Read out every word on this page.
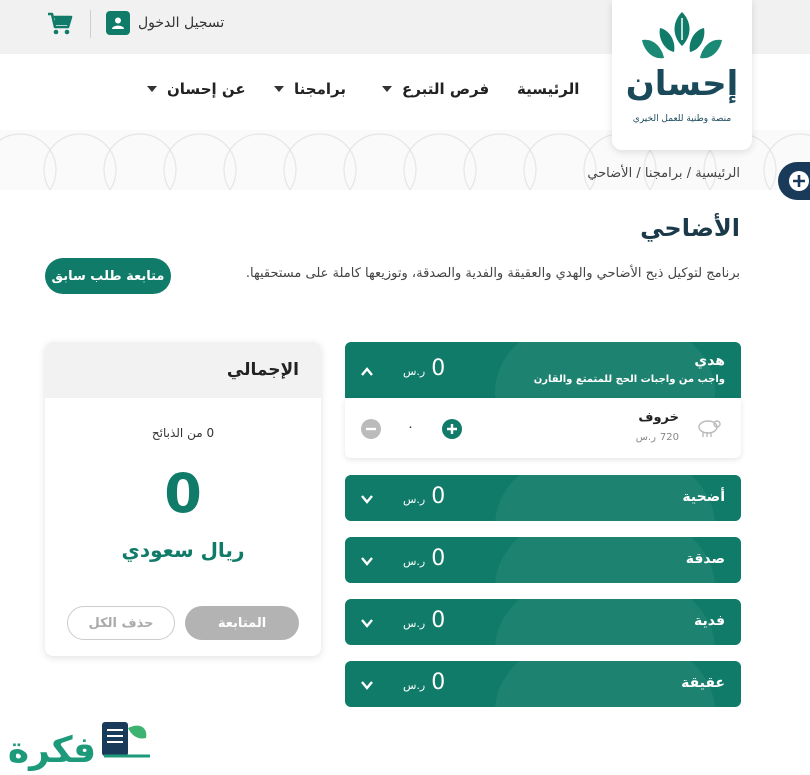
تسجيل الدخول
الرئيسية
فرص التبرع
برامجنا
عن إحسان	إحسان
منصة وطنية للعمل الخيري
الرئيسية / برامجنا / الأضاحي
الأضاحي
برنامج لتوكيل ذبح الأضاحي والهدي والعقيقة والفدية والصدقة، وتوزيعها كاملة على مستحقيها.
متابعة طلب سابق
هدي
واجب من واجبات الحج للمتمتع والقارن
0
ر.س
خروف
720
ر.س
٠
أضحية
0
ر.س
صدقة
0
ر.س
فدية
0
ر.س
عقيقة
0
ر.س
الإجمالي
0 من الذبائح
0
ريال سعودي
المتابعة
حذف الكل
فكرة
